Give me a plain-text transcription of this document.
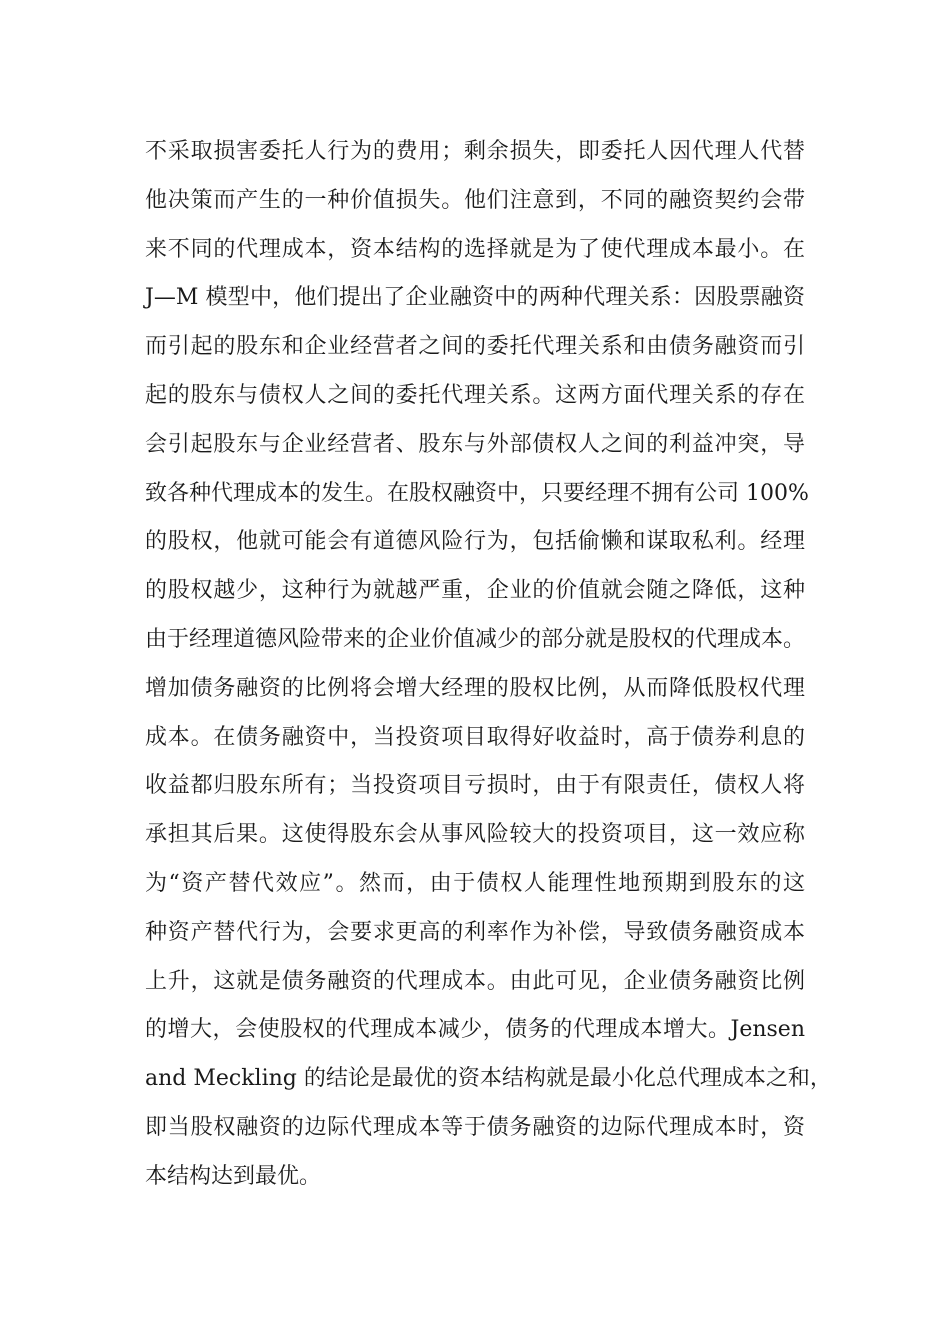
不采取损害委托人行为的费用；剩余损失，即委托人因代理人代替
他决策而产生的一种价值损失。他们注意到，不同的融资契约会带
来不同的代理成本，资本结构的选择就是为了使代理成本最小。在
J—M 模型中，他们提出了企业融资中的两种代理关系：因股票融资
而引起的股东和企业经营者之间的委托代理关系和由债务融资而引
起的股东与债权人之间的委托代理关系。这两方面代理关系的存在
会引起股东与企业经营者、股东与外部债权人之间的利益冲突，导
致各种代理成本的发生。在股权融资中，只要经理不拥有公司 100%
的股权，他就可能会有道德风险行为，包括偷懒和谋取私利。经理
的股权越少，这种行为就越严重，企业的价值就会随之降低，这种
由于经理道德风险带来的企业价值减少的部分就是股权的代理成本。
增加债务融资的比例将会增大经理的股权比例，从而降低股权代理
成本。在债务融资中，当投资项目取得好收益时，高于债券利息的
收益都归股东所有；当投资项目亏损时，由于有限责任，债权人将
承担其后果。这使得股东会从事风险较大的投资项目，这一效应称
为“资产替代效应”。然而，由于债权人能理性地预期到股东的这
种资产替代行为，会要求更高的利率作为补偿，导致债务融资成本
上升，这就是债务融资的代理成本。由此可见，企业债务融资比例
的增大，会使股权的代理成本减少，债务的代理成本增大。Jensen
and Meckling 的结论是最优的资本结构就是最小化总代理成本之和，
即当股权融资的边际代理成本等于债务融资的边际代理成本时，资
本结构达到最优。
